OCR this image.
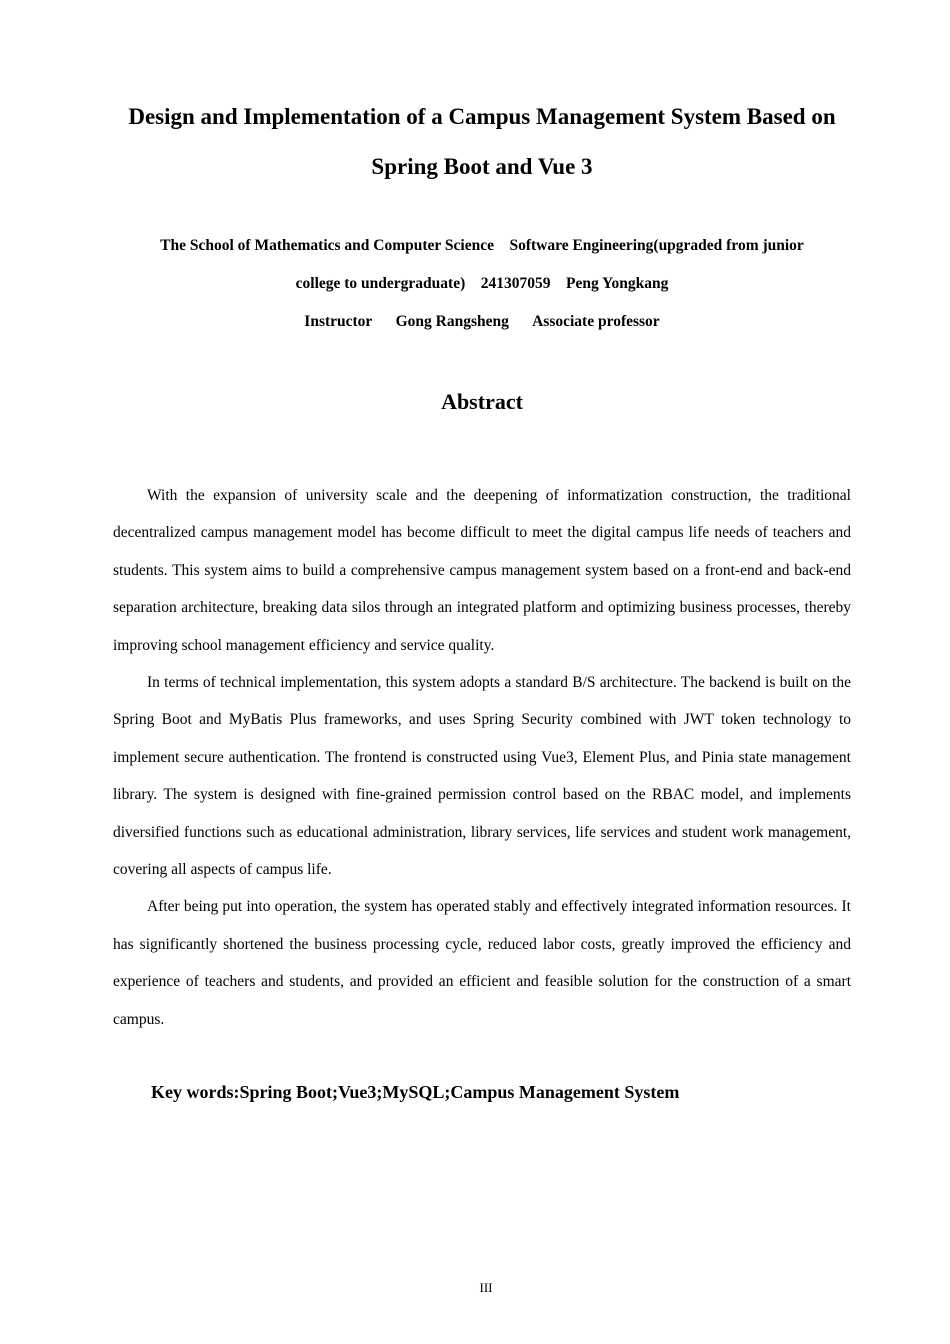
Design and Implementation of a Campus Management System Based on Spring Boot and Vue 3
The School of Mathematics and Computer Science    Software Engineering(upgraded from junior
college to undergraduate)    241307059    Peng Yongkang
Instructor Gong Rangsheng Associate professor
Abstract

With the expansion of university scale and the deepening of informatization construction, the traditional decentralized campus management model has become difficult to meet the digital campus life needs of teachers and students. This system aims to build a comprehensive campus management system based on a front-end and back-end separation architecture, breaking data silos through an integrated platform and optimizing business processes, thereby improving school management efficiency and service quality.

In terms of technical implementation, this system adopts a standard B/S architecture. The backend is built on the Spring Boot and MyBatis Plus frameworks, and uses Spring Security combined with JWT token technology to implement secure authentication. The frontend is constructed using Vue3, Element Plus, and Pinia state management library. The system is designed with fine-grained permission control based on the RBAC model, and implements diversified functions such as educational administration, library services, life services and student work management, covering all aspects of campus life.

After being put into operation, the system has operated stably and effectively integrated information resources. It has significantly shortened the business processing cycle, reduced labor costs, greatly improved the efficiency and experience of teachers and students, and provided an efficient and feasible solution for the construction of a smart campus.

Key words:Spring Boot;Vue3;MySQL;Campus Management System
III
